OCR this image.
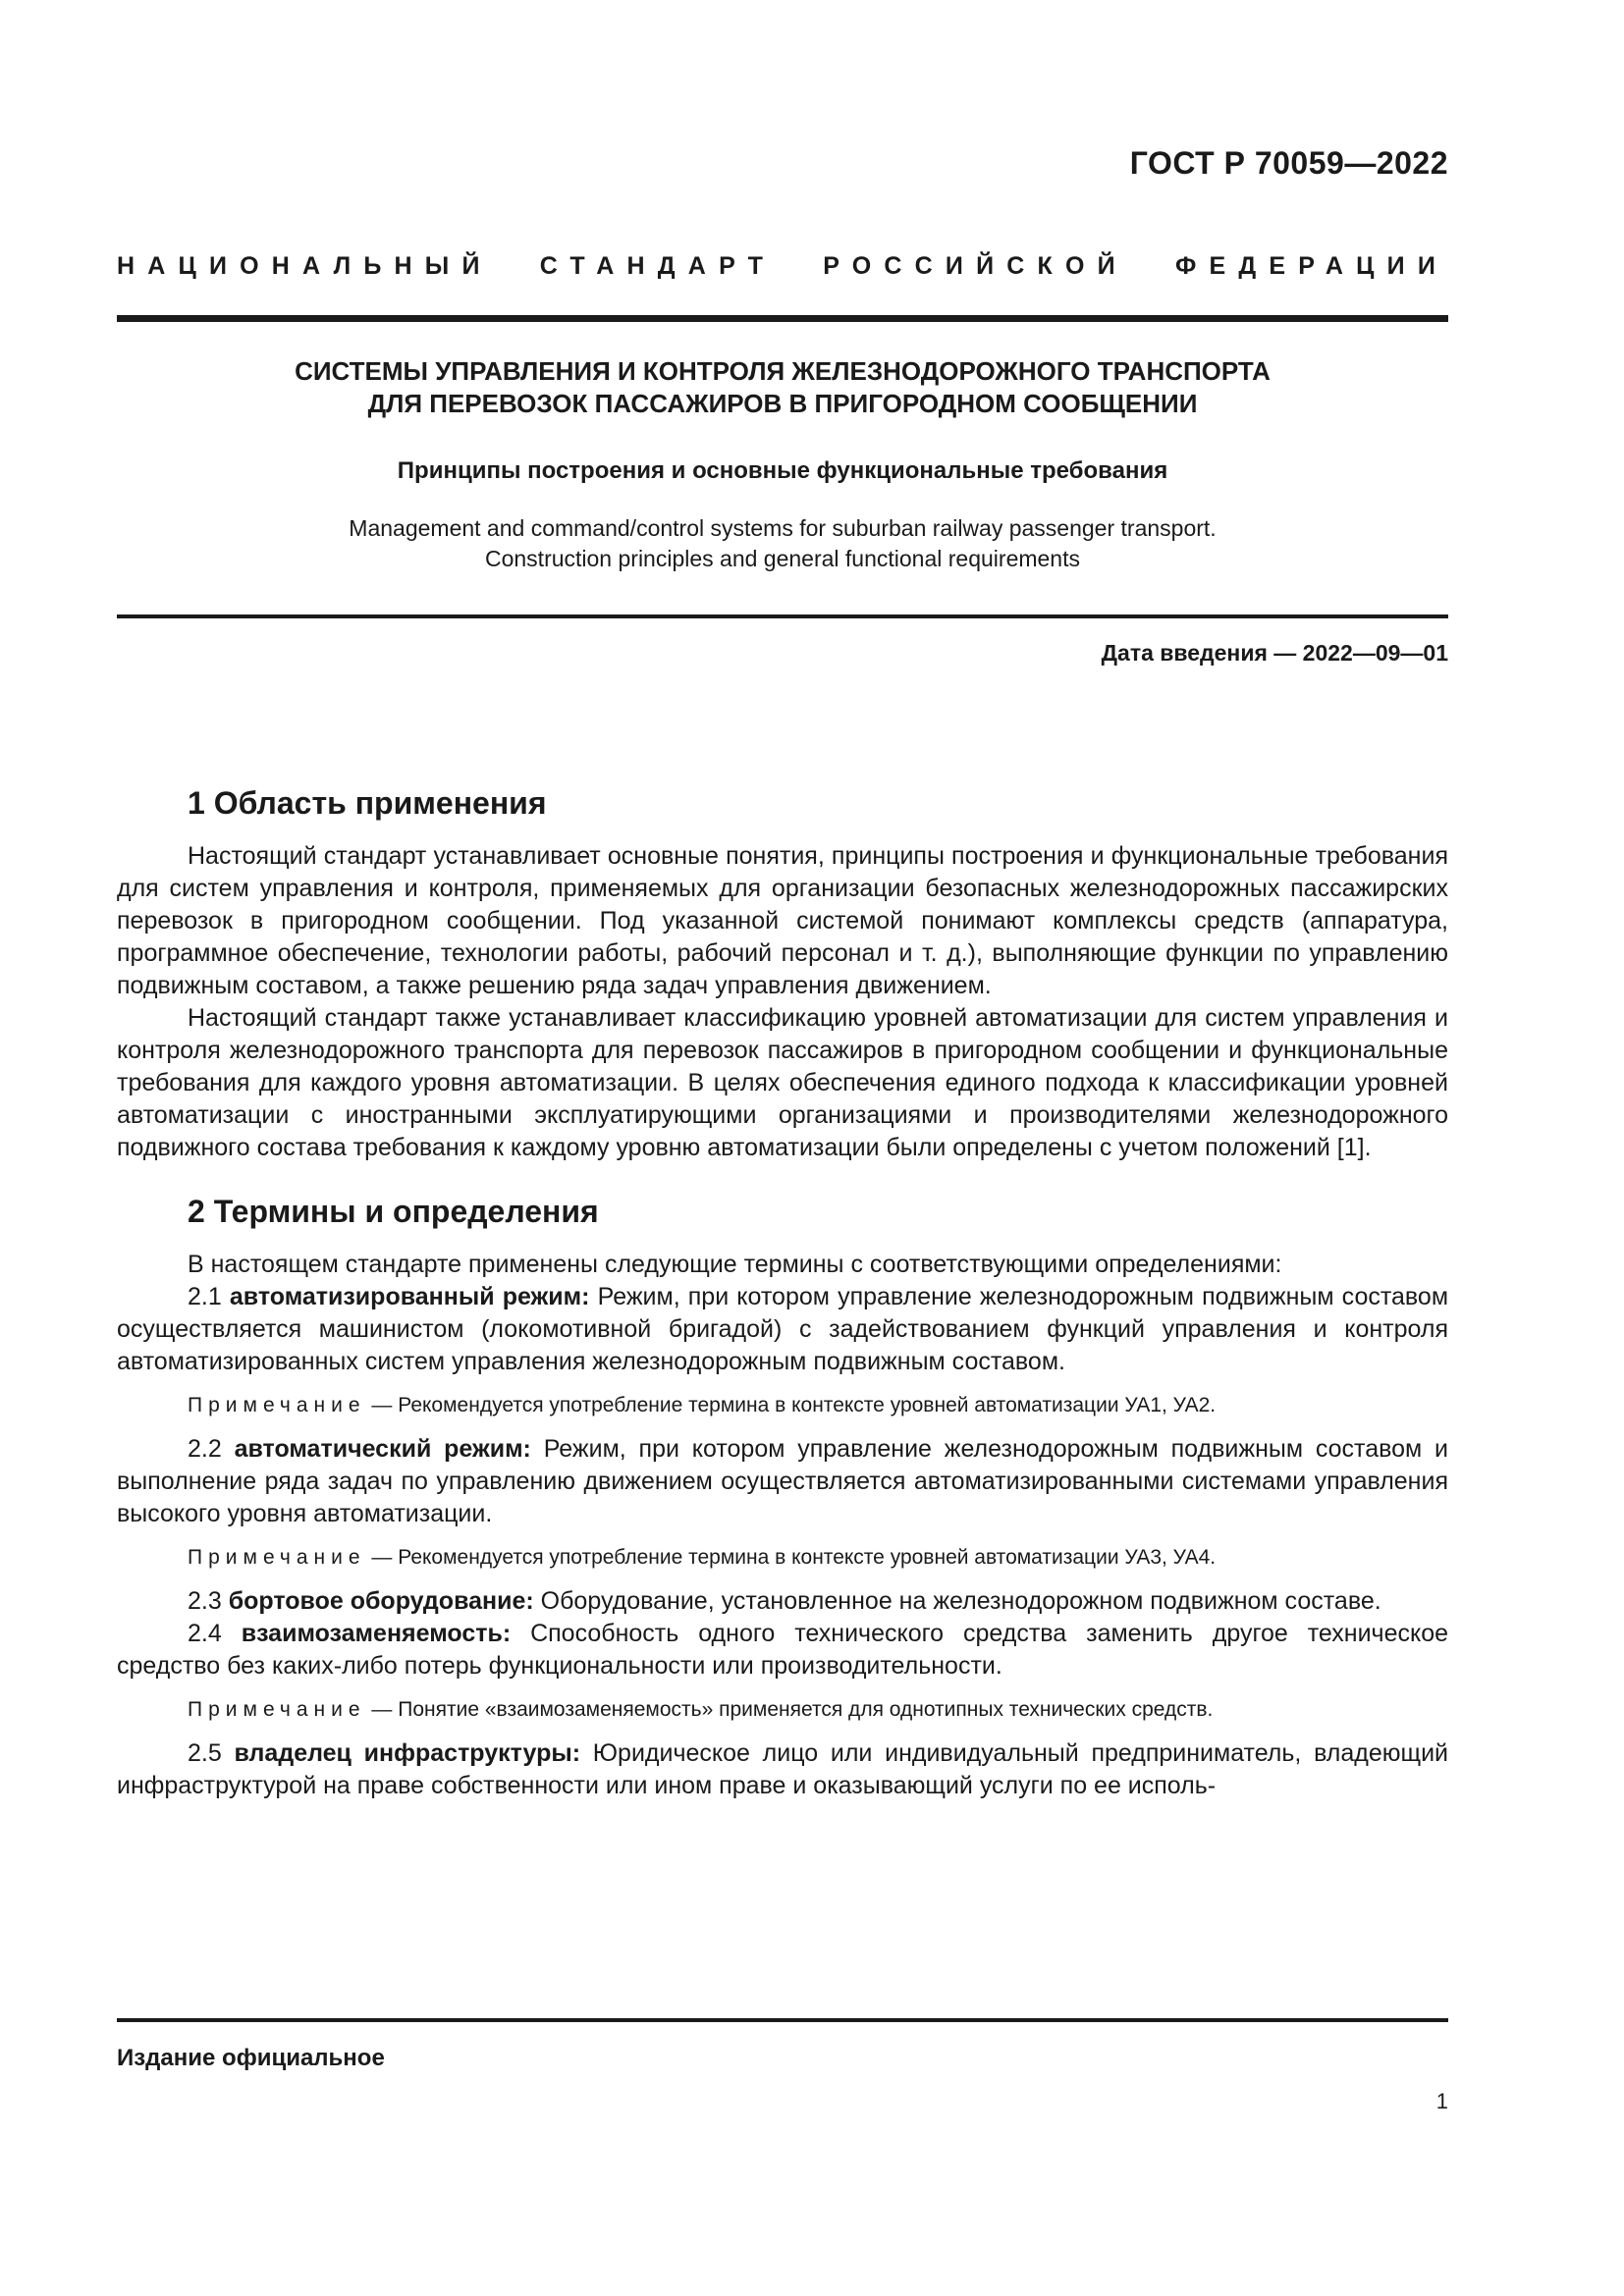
ГОСТ Р 70059—2022
НАЦИОНАЛЬНЫЙ СТАНДАРТ РОССИЙСКОЙ ФЕДЕРАЦИИ
СИСТЕМЫ УПРАВЛЕНИЯ И КОНТРОЛЯ ЖЕЛЕЗНОДОРОЖНОГО ТРАНСПОРТА
ДЛЯ ПЕРЕВОЗОК ПАССАЖИРОВ В ПРИГОРОДНОМ СООБЩЕНИИ
Принципы построения и основные функциональные требования
Management and command/control systems for suburban railway passenger transport.
Construction principles and general functional requirements
Дата введения — 2022—09—01
1 Область применения

Настоящий стандарт устанавливает основные понятия, принципы построения и функциональные требования для систем управления и контроля, применяемых для организации безопасных железнодорожных пассажирских перевозок в пригородном сообщении. Под указанной системой понимают комплексы средств (аппаратура, программное обеспечение, технологии работы, рабочий персонал и т. д.), выполняющие функции по управлению подвижным составом, а также решению ряда задач управления движением.

Настоящий стандарт также устанавливает классификацию уровней автоматизации для систем управления и контроля железнодорожного транспорта для перевозок пассажиров в пригородном сообщении и функциональные требования для каждого уровня автоматизации. В целях обеспечения единого подхода к классификации уровней автоматизации с иностранными эксплуатирующими организациями и производителями железнодорожного подвижного состава требования к каждому уровню автоматизации были определены с учетом положений [1].

2 Термины и определения

В настоящем стандарте применены следующие термины с соответствующими определениями:

2.1 автоматизированный режим: Режим, при котором управление железнодорожным подвижным составом осуществляется машинистом (локомотивной бригадой) с задействованием функций управления и контроля автоматизированных систем управления железнодорожным подвижным составом.

Примечание — Рекомендуется употребление термина в контексте уровней автоматизации УА1, УА2.

2.2 автоматический режим: Режим, при котором управление железнодорожным подвижным составом и выполнение ряда задач по управлению движением осуществляется автоматизированными системами управления высокого уровня автоматизации.

Примечание — Рекомендуется употребление термина в контексте уровней автоматизации УА3, УА4.

2.3 бортовое оборудование: Оборудование, установленное на железнодорожном подвижном составе.

2.4 взаимозаменяемость: Способность одного технического средства заменить другое техническое средство без каких-либо потерь функциональности или производительности.

Примечание — Понятие «взаимозаменяемость» применяется для однотипных технических средств.

2.5 владелец инфраструктуры: Юридическое лицо или индивидуальный предприниматель, владеющий инфраструктурой на праве собственности или ином праве и оказывающий услуги по ее исполь-

Издание официальное
1
